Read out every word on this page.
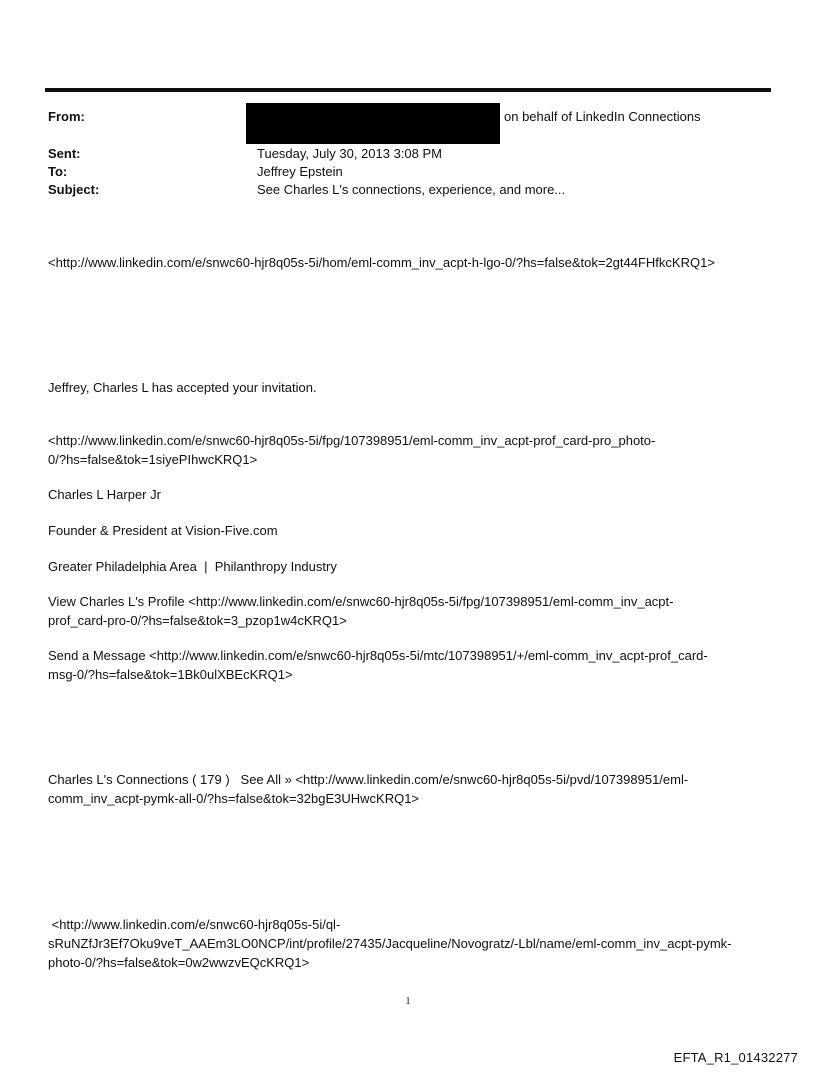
From:	on behalf of LinkedIn Connections
Sent:	Tuesday, July 30, 2013 3:08 PM
To:	Jeffrey Epstein
Subject:	See Charles L's connections, experience, and more...
<http://www.linkedin.com/e/snwc60-hjr8q05s-5i/hom/eml-comm_inv_acpt-h-lgo-0/?hs=false&tok=2gt44FHfkcKRQ1>
Jeffrey, Charles L has accepted your invitation.
<http://www.linkedin.com/e/snwc60-hjr8q05s-5i/fpg/107398951/eml-comm_inv_acpt-prof_card-pro_photo-
0/?hs=false&tok=1siyePIhwcKRQ1>
Charles L Harper Jr
Founder & President at Vision-Five.com
Greater Philadelphia Area  |  Philanthropy Industry
View Charles L's Profile <http://www.linkedin.com/e/snwc60-hjr8q05s-5i/fpg/107398951/eml-comm_inv_acpt-
prof_card-pro-0/?hs=false&tok=3_pzop1w4cKRQ1>
Send a Message <http://www.linkedin.com/e/snwc60-hjr8q05s-5i/mtc/107398951/+/eml-comm_inv_acpt-prof_card-
msg-0/?hs=false&tok=1Bk0ulXBEcKRQ1>
Charles L's Connections ( 179 )   See All » <http://www.linkedin.com/e/snwc60-hjr8q05s-5i/pvd/107398951/eml-
comm_inv_acpt-pymk-all-0/?hs=false&tok=32bgE3UHwcKRQ1>
<http://www.linkedin.com/e/snwc60-hjr8q05s-5i/ql-
sRuNZfJr3Ef7Oku9veT_AAEm3LO0NCP/int/profile/27435/Jacqueline/Novogratz/-Lbl/name/eml-comm_inv_acpt-pymk-
photo-0/?hs=false&tok=0w2wwzvEQcKRQ1>
1
EFTA_R1_01432277
